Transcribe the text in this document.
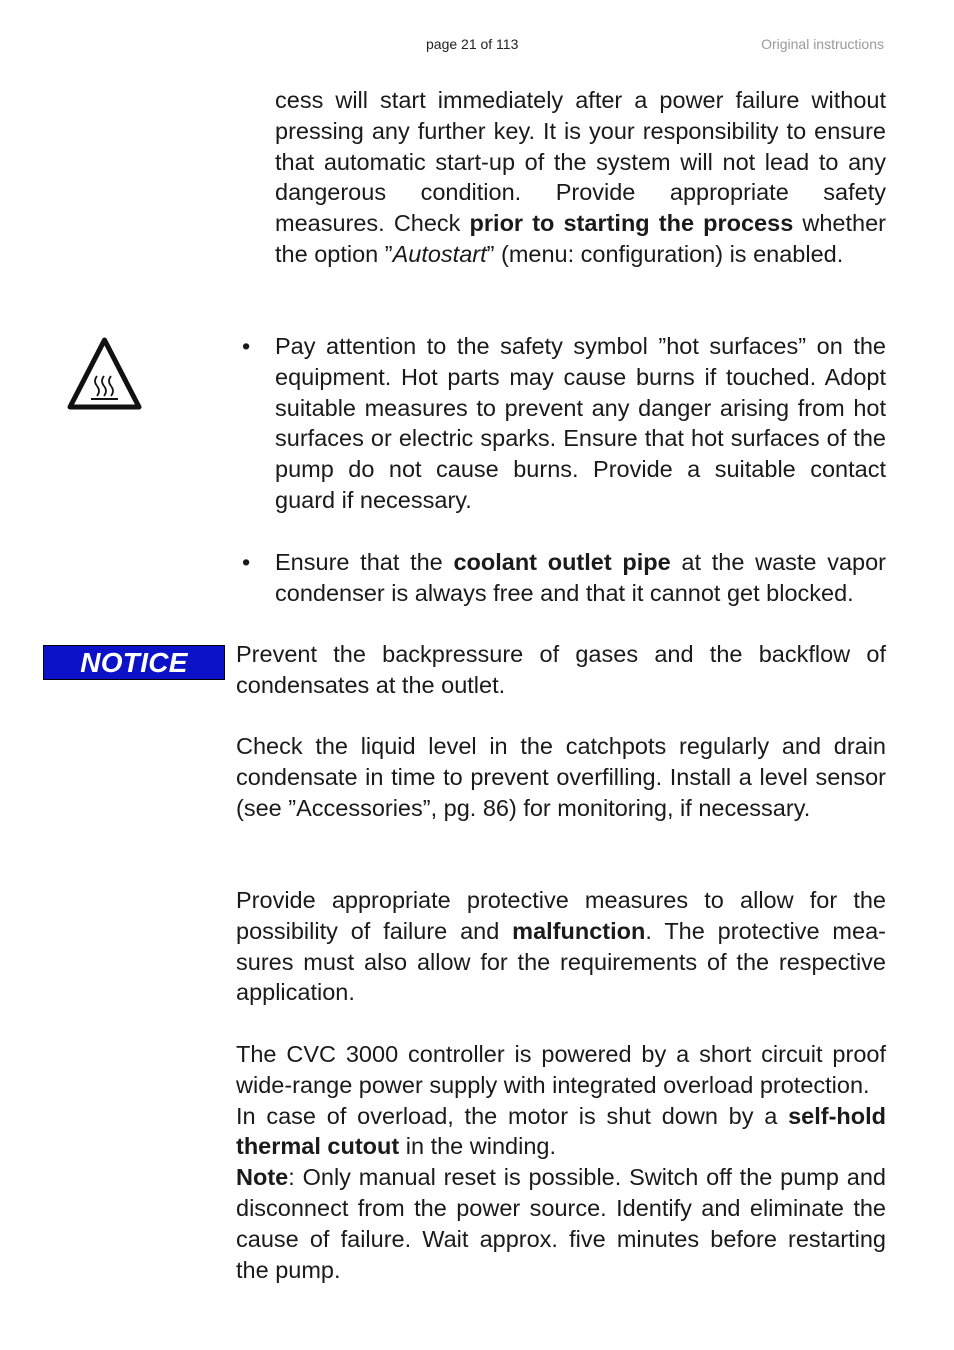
page 21 of 113	Original instructions

cess will start immediately after a power failure without pressing any further key. It is your responsibility to ensure that automatic start-up of the system will not lead to any dangerous condition. Provide appropriate safety measures. Check prior to starting the process whether the option ”Autostart” (menu: configuration) is enabled.

• Pay attention to the safety symbol ”hot surfaces” on the equipment. Hot parts may cause burns if touched. Adopt suitable measures to prevent any danger arising from hot surfaces or electric sparks. Ensure that hot surfaces of the pump do not cause burns. Provide a suitable contact guard if necessary.

• Ensure that the coolant outlet pipe at the waste vapor condenser is always free and that it cannot get blocked.

NOTICE	Prevent the backpressure of gases and the backflow of condensates at the outlet.

Check the liquid level in the catchpots regularly and drain condensate in time to prevent overfilling. Install a level sensor (see ”Accessories”, pg. 86) for monitoring, if necessary.

Provide appropriate protective measures to allow for the possibility of failure and malfunction. The protective measures must also allow for the requirements of the respective application.

The CVC 3000 controller is powered by a short circuit proof wide-range power supply with integrated overload protection.

In case of overload, the motor is shut down by a self-hold thermal cutout in the winding.

Note: Only manual reset is possible. Switch off the pump and disconnect from the power source. Identify and eliminate the cause of failure. Wait approx. five minutes before restarting the pump.
